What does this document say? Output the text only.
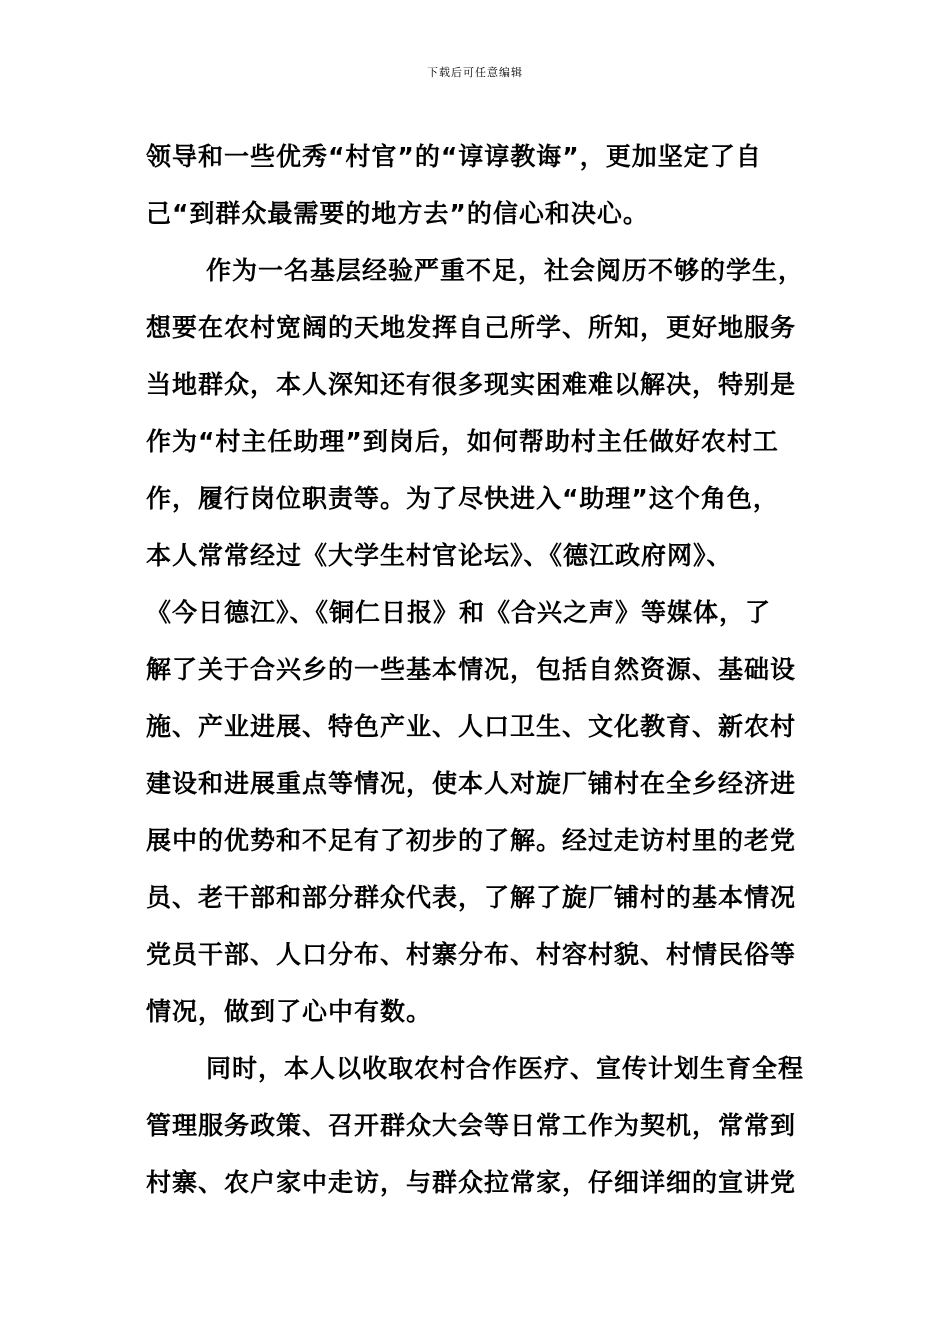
下载后可任意编辑
领导和一些优秀“村官”的“谆谆教诲”，更加坚定了自
己“到群众最需要的地方去”的信心和决心。
作为一名基层经验严重不足，社会阅历不够的学生，
想要在农村宽阔的天地发挥自己所学、所知，更好地服务
当地群众，本人深知还有很多现实困难难以解决，特别是
作为“村主任助理”到岗后，如何帮助村主任做好农村工
作，履行岗位职责等。为了尽快进入“助理”这个角色，
本人常常经过《大学生村官论坛》、《德江政府网》、
《今日德江》、《铜仁日报》和《合兴之声》等媒体，了
解了关于合兴乡的一些基本情况，包括自然资源、基础设
施、产业进展、特色产业、人口卫生、文化教育、新农村
建设和进展重点等情况，使本人对旋厂铺村在全乡经济进
展中的优势和不足有了初步的了解。经过走访村里的老党
员、老干部和部分群众代表，了解了旋厂铺村的基本情况
党员干部、人口分布、村寨分布、村容村貌、村情民俗等
情况，做到了心中有数。
同时，本人以收取农村合作医疗、宣传计划生育全程
管理服务政策、召开群众大会等日常工作为契机，常常到
村寨、农户家中走访，与群众拉常家，仔细详细的宣讲党
